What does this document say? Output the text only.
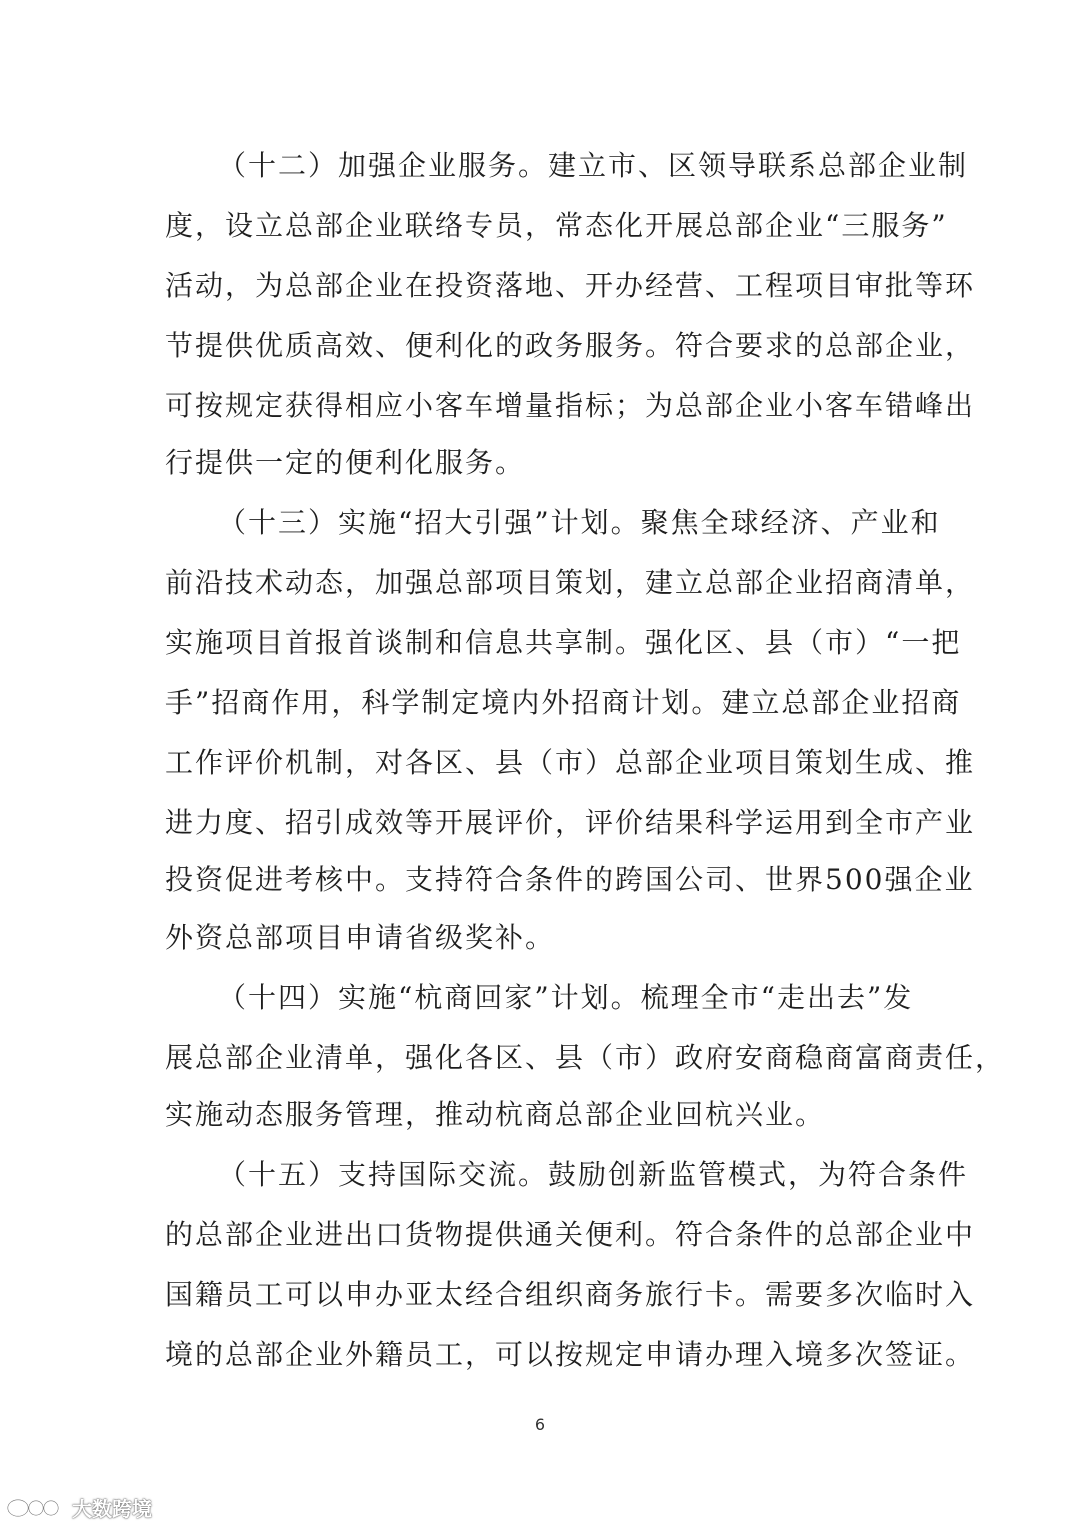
（十二）加强企业服务。建立市、区领导联系总部企业制
度，设立总部企业联络专员，常态化开展总部企业“三服务”
活动，为总部企业在投资落地、开办经营、工程项目审批等环
节提供优质高效、便利化的政务服务。符合要求的总部企业，
可按规定获得相应小客车增量指标；为总部企业小客车错峰出
行提供一定的便利化服务。
（十三）实施“招大引强”计划。聚焦全球经济、产业和
前沿技术动态，加强总部项目策划，建立总部企业招商清单，
实施项目首报首谈制和信息共享制。强化区、县（市）“一把
手”招商作用，科学制定境内外招商计划。建立总部企业招商
工作评价机制，对各区、县（市）总部企业项目策划生成、推
进力度、招引成效等开展评价，评价结果科学运用到全市产业
投资促进考核中。支持符合条件的跨国公司、世界500强企业
外资总部项目申请省级奖补。
（十四）实施“杭商回家”计划。梳理全市“走出去”发
展总部企业清单，强化各区、县（市）政府安商稳商富商责任，
实施动态服务管理，推动杭商总部企业回杭兴业。
（十五）支持国际交流。鼓励创新监管模式，为符合条件
的总部企业进出口货物提供通关便利。符合条件的总部企业中
国籍员工可以申办亚太经合组织商务旅行卡。需要多次临时入
境的总部企业外籍员工，可以按规定申请办理入境多次签证。
6
大数跨境
